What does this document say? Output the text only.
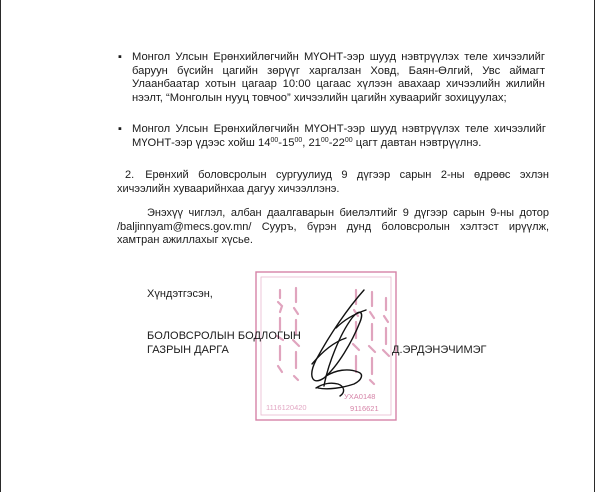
▪ Монгол Улсын Ерөнхийлөгчийн МҮОНТ-ээр шууд нэвтрүүлэх теле хичээлийг баруун бүсийн цагийн зөрүүг харгалзан Ховд, Баян-Өлгий, Увс аймагт Улаанбаатар хотын цагаар 10:00 цагаас хүлээн авахаар хичээлийн жилийн нээлт, “Монголын нууц товчоо” хичээлийн цагийн хуваарийг зохицуулах;
▪ Монгол Улсын Ерөнхийлөгчийн МҮОНТ-ээр шууд нэвтрүүлэх теле хичээлийг МҮОНТ-ээр үдээс хойш $14^{00}-15^{00}$, $21^{00}-22^{00}$ цагт давтан нэвтрүүлнэ.
2. Ерөнхий боловсролын сургуулиуд 9 дүгээр сарын 2-ны өдрөөс эхлэн хичээлийн хуваарийнхаа дагуу хичээллэнэ.
Энэхүү чиглэл, албан даалгаварын биелэлтийг 9 дүгээр сарын 9-ны дотор /baljinnyam@mecs.gov.mn/ Сууръ, бүрэн дунд боловсролын хэлтэст ирүүлж, хамтран ажиллахыг хүсье.
УХА0148
1116120420	9116621
Хүндэтгэсэн,
БОЛОВСРОЛЫН БОДЛОГЫН
ГАЗРЫН ДАРГА	Д.ЭРДЭНЭЧИМЭГ
